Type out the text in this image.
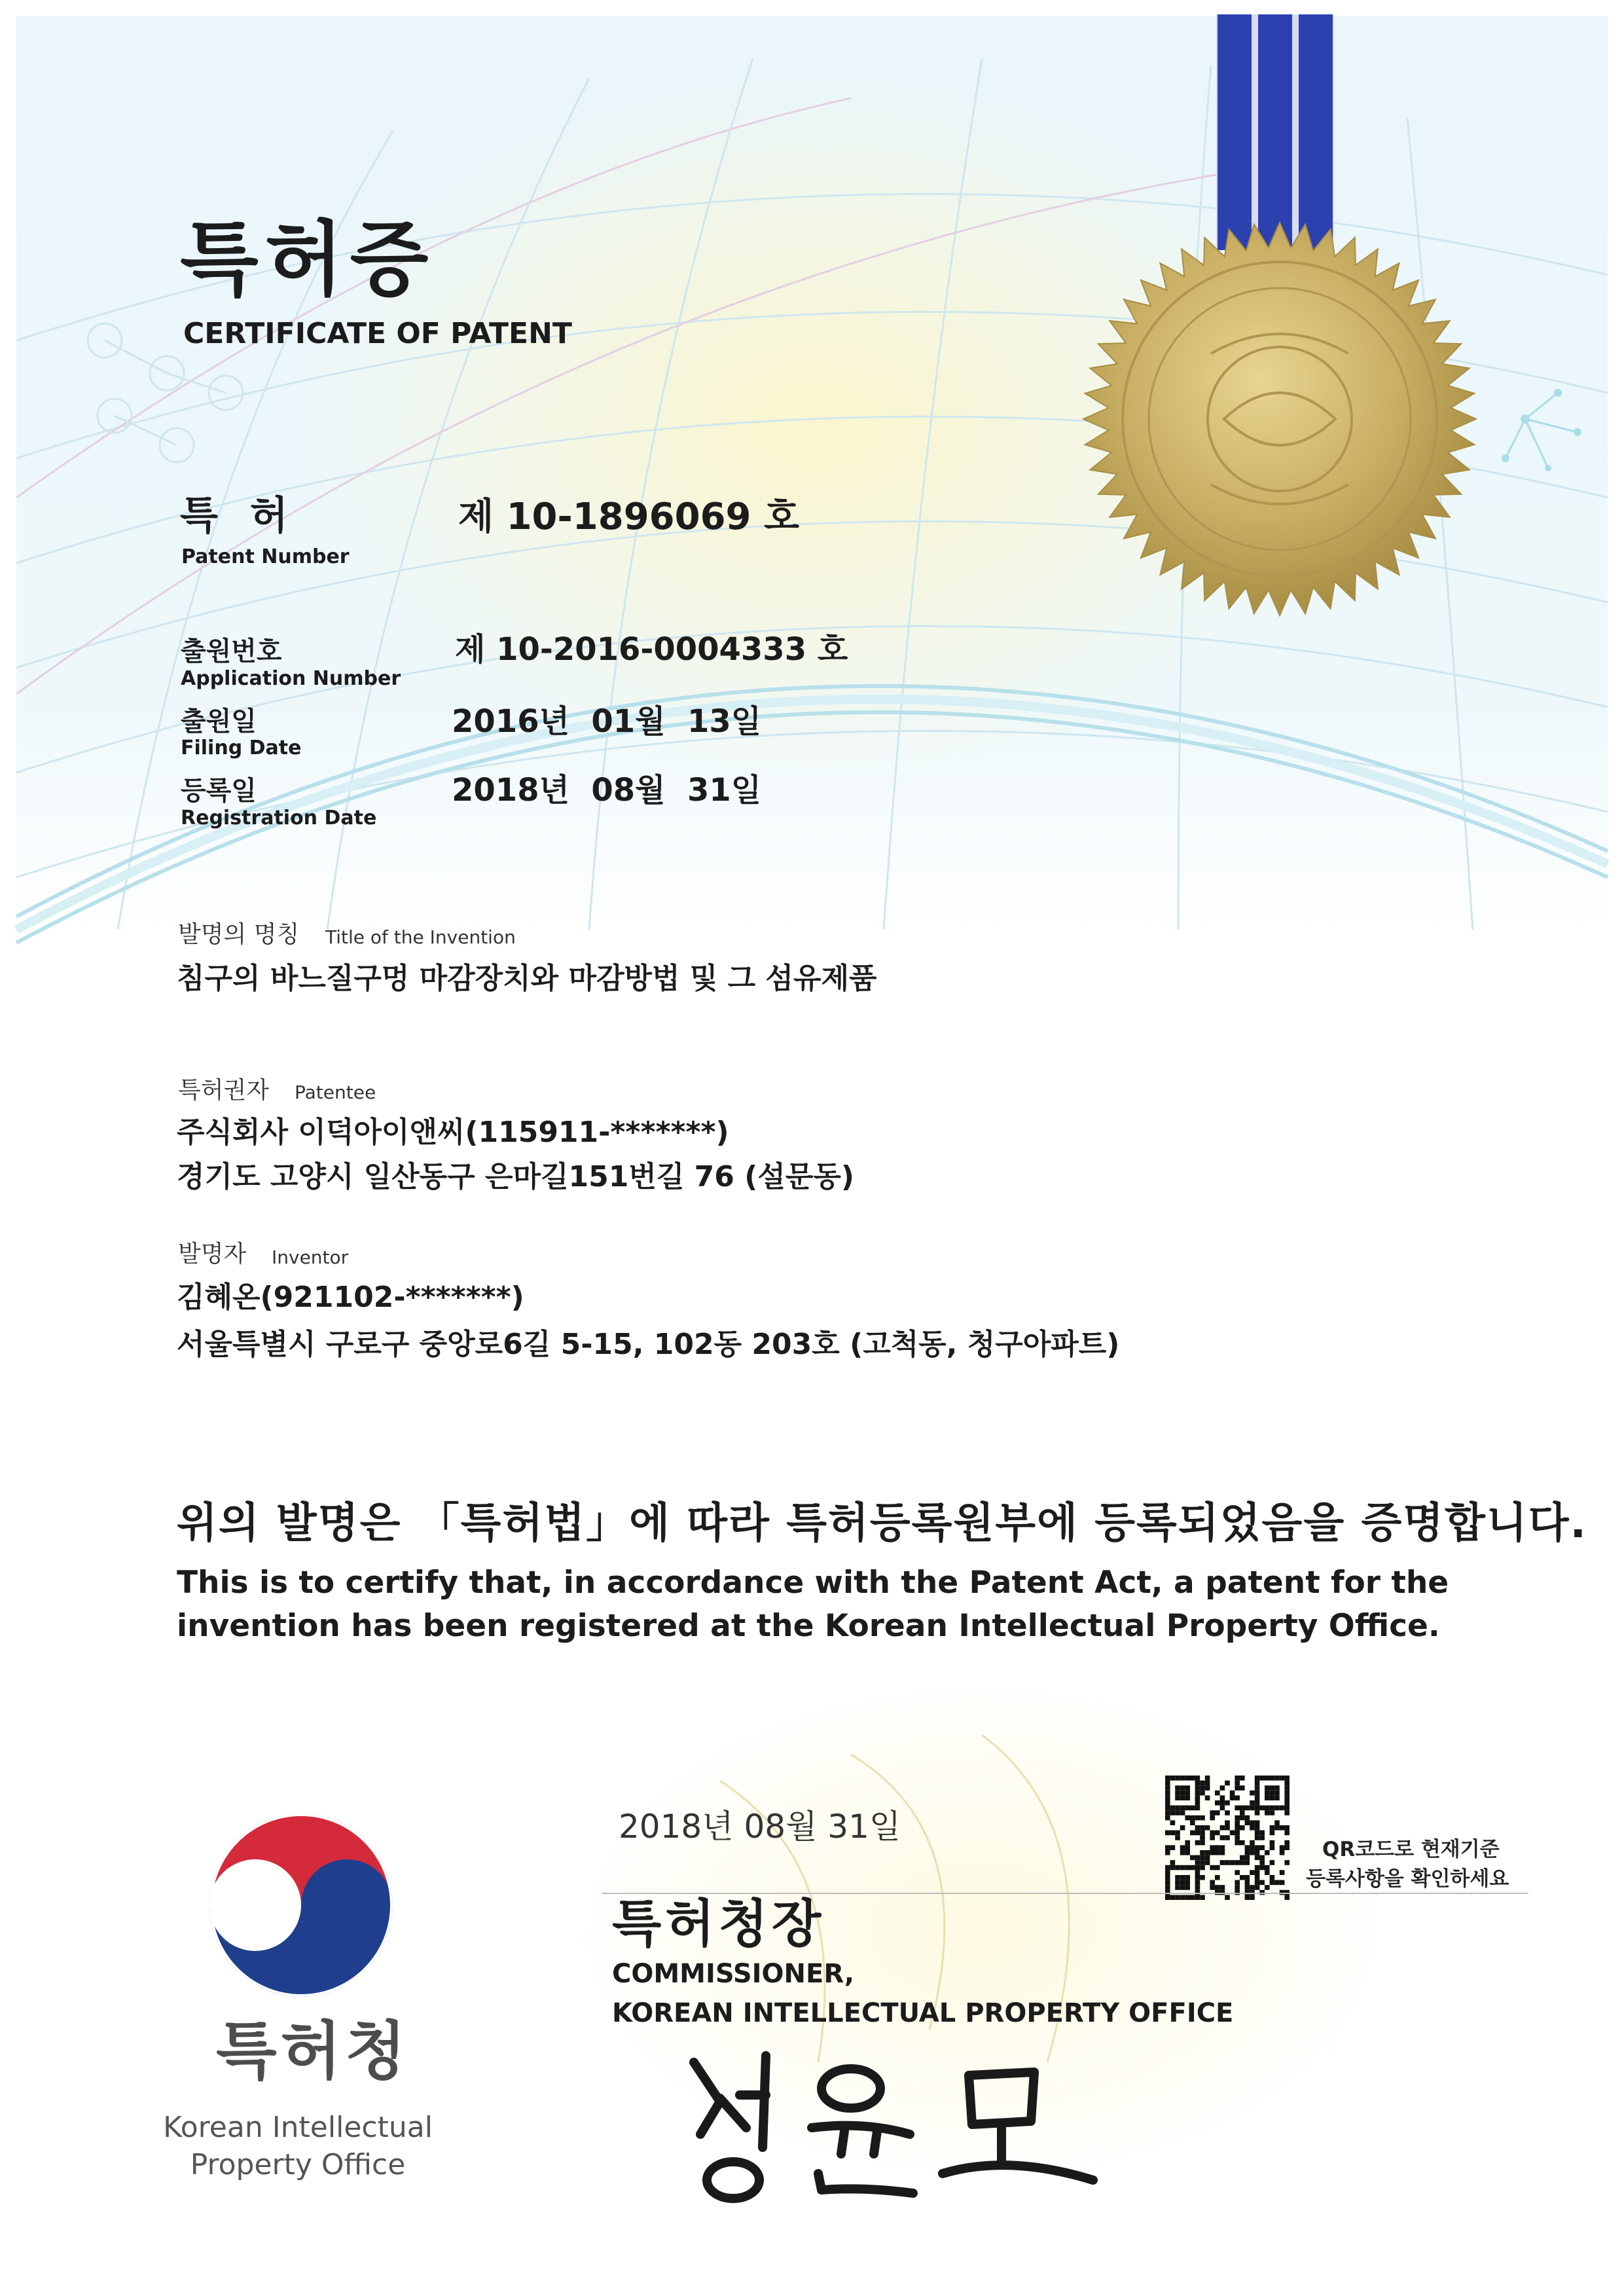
특허증
CERTIFICATE OF PATENT
특 허
Patent Number
제 10-1896069 호
출원번호
Application Number
제 10-2016-0004333 호
출원일
Filing Date
2016년  01월  13일
등록일
Registration Date
2018년  08월  31일
발명의 명칭 Title of the Invention
침구의 바느질구멍 마감장치와 마감방법 및 그 섬유제품
특허권자 Patentee
주식회사 이덕아이앤씨(115911-*******)
경기도 고양시 일산동구 은마길151번길 76 (설문동)
발명자 Inventor
김혜온(921102-*******)
서울특별시 구로구 중앙로6길 5-15, 102동 203호 (고척동, 청구아파트)
위의 발명은 「특허법」에 따라 특허등록원부에 등록되었음을 증명합니다.
This is to certify that, in accordance with the Patent Act, a patent for the invention has been registered at the Korean Intellectual Property Office.
2018년 08월 31일
특허청장
COMMISSIONER,
KOREAN INTELLECTUAL PROPERTY OFFICE
QR코드로 현재기준
등록사항을 확인하세요
특허청
Korean Intellectual
Property Office
